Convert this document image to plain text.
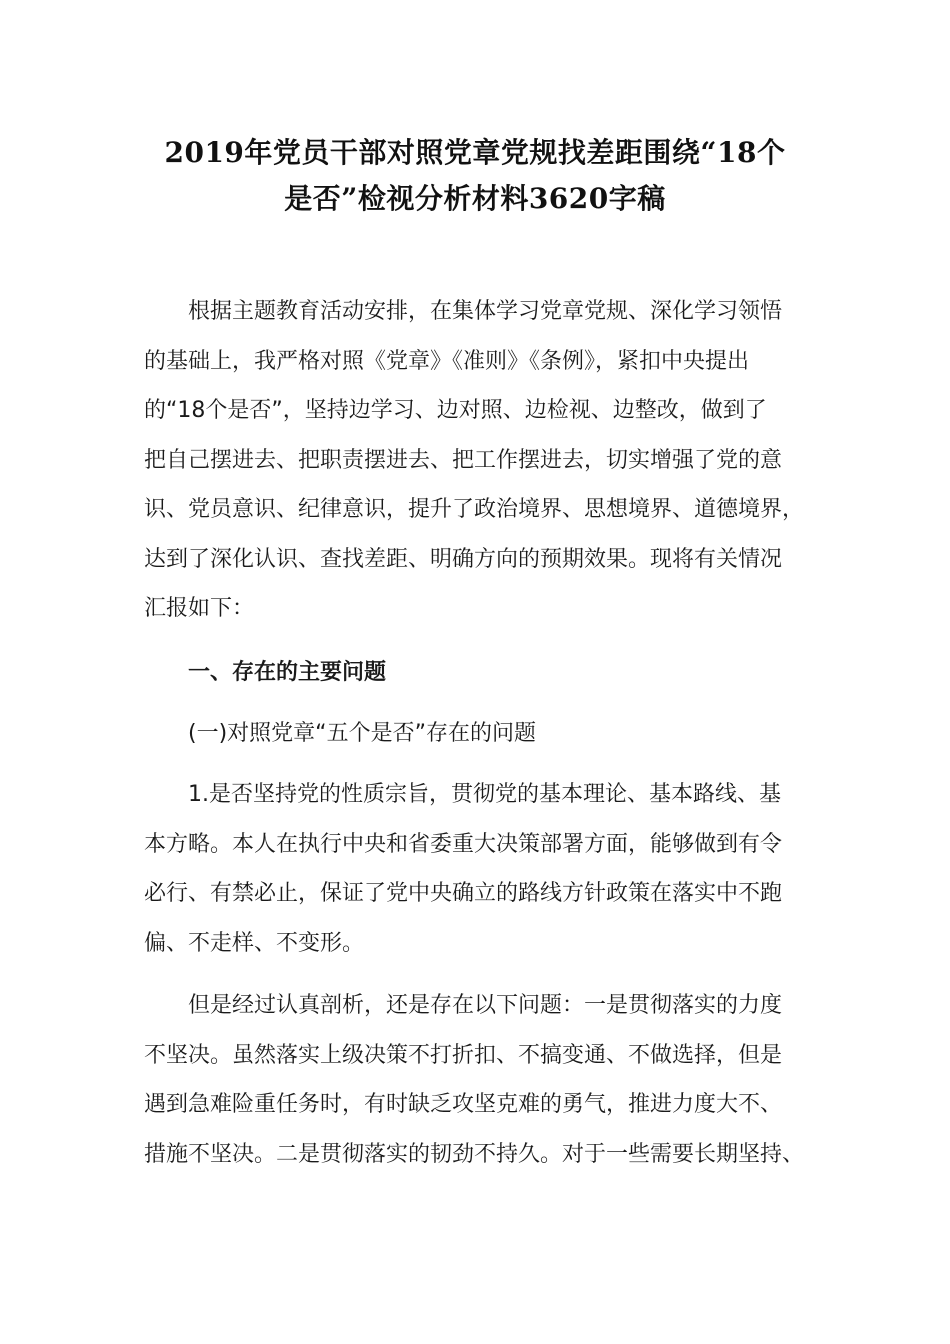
2019年党员干部对照党章党规找差距围绕“18个
是否”检视分析材料3620字稿
根据主题教育活动安排，在集体学习党章党规、深化学习领悟
的基础上，我严格对照《党章》《准则》《条例》，紧扣中央提出
的“18个是否”，坚持边学习、边对照、边检视、边整改，做到了
把自己摆进去、把职责摆进去、把工作摆进去，切实增强了党的意
识、党员意识、纪律意识，提升了政治境界、思想境界、道德境界，
达到了深化认识、查找差距、明确方向的预期效果。现将有关情况
汇报如下：
一、存在的主要问题
(一)对照党章“五个是否”存在的问题
1.是否坚持党的性质宗旨，贯彻党的基本理论、基本路线、基
本方略。本人在执行中央和省委重大决策部署方面，能够做到有令
必行、有禁必止，保证了党中央确立的路线方针政策在落实中不跑
偏、不走样、不变形。
但是经过认真剖析，还是存在以下问题：一是贯彻落实的力度
不坚决。虽然落实上级决策不打折扣、不搞变通、不做选择，但是
遇到急难险重任务时，有时缺乏攻坚克难的勇气，推进力度大不、
措施不坚决。二是贯彻落实的韧劲不持久。对于一些需要长期坚持、
